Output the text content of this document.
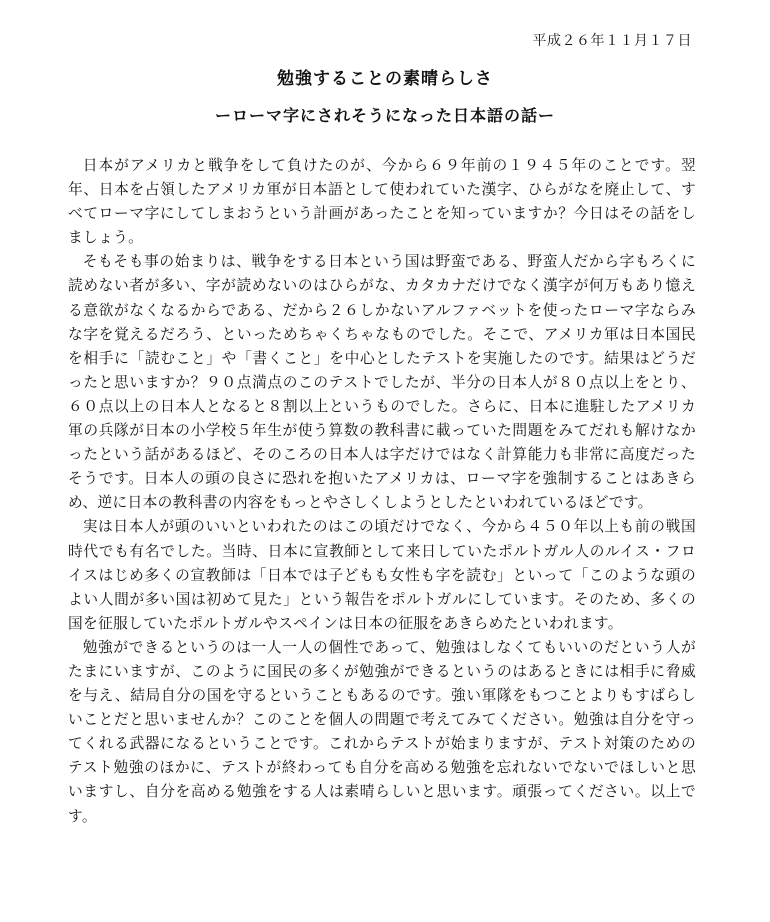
平成２６年１１月１７日
勉強することの素晴らしさ
ーローマ字にされそうになった日本語の話ー

日本がアメリカと戦争をして負けたのが、今から６９年前の１９４５年のことです。翌年、日本を占領したアメリカ軍が日本語として使われていた漢字、ひらがなを廃止して、すべてローマ字にしてしまおうという計画があったことを知っていますか？今日はその話をしましょう。

そもそも事の始まりは、戦争をする日本という国は野蛮である、野蛮人だから字もろくに読めない者が多い、字が読めないのはひらがな、カタカナだけでなく漢字が何万もあり憶える意欲がなくなるからである、だから２６しかないアルファベットを使ったローマ字ならみな字を覚えるだろう、といっためちゃくちゃなものでした。そこで、アメリカ軍は日本国民を相手に「読むこと」や「書くこと」を中心としたテストを実施したのです。結果はどうだったと思いますか？９０点満点のこのテストでしたが、半分の日本人が８０点以上をとり、６０点以上の日本人となると８割以上というものでした。さらに、日本に進駐したアメリカ軍の兵隊が日本の小学校５年生が使う算数の教科書に載っていた問題をみてだれも解けなかったという話があるほど、そのころの日本人は字だけではなく計算能力も非常に高度だったそうです。日本人の頭の良さに恐れを抱いたアメリカは、ローマ字を強制することはあきらめ、逆に日本の教科書の内容をもっとやさしくしようとしたといわれているほどです。

実は日本人が頭のいいといわれたのはこの頃だけでなく、今から４５０年以上も前の戦国時代でも有名でした。当時、日本に宣教師として来日していたポルトガル人のルイス・フロイスはじめ多くの宣教師は「日本では子どもも女性も字を読む」といって「このような頭のよい人間が多い国は初めて見た」という報告をポルトガルにしています。そのため、多くの国を征服していたポルトガルやスペインは日本の征服をあきらめたといわれます。

勉強ができるというのは一人一人の個性であって、勉強はしなくてもいいのだという人がたまにいますが、このように国民の多くが勉強ができるというのはあるときには相手に脅威を与え、結局自分の国を守るということもあるのです。強い軍隊をもつことよりもすばらしいことだと思いませんか？このことを個人の問題で考えてみてください。勉強は自分を守ってくれる武器になるということです。これからテストが始まりますが、テスト対策のためのテスト勉強のほかに、テストが終わっても自分を高める勉強を忘れないでないでほしいと思いますし、自分を高める勉強をする人は素晴らしいと思います。頑張ってください。以上です。
